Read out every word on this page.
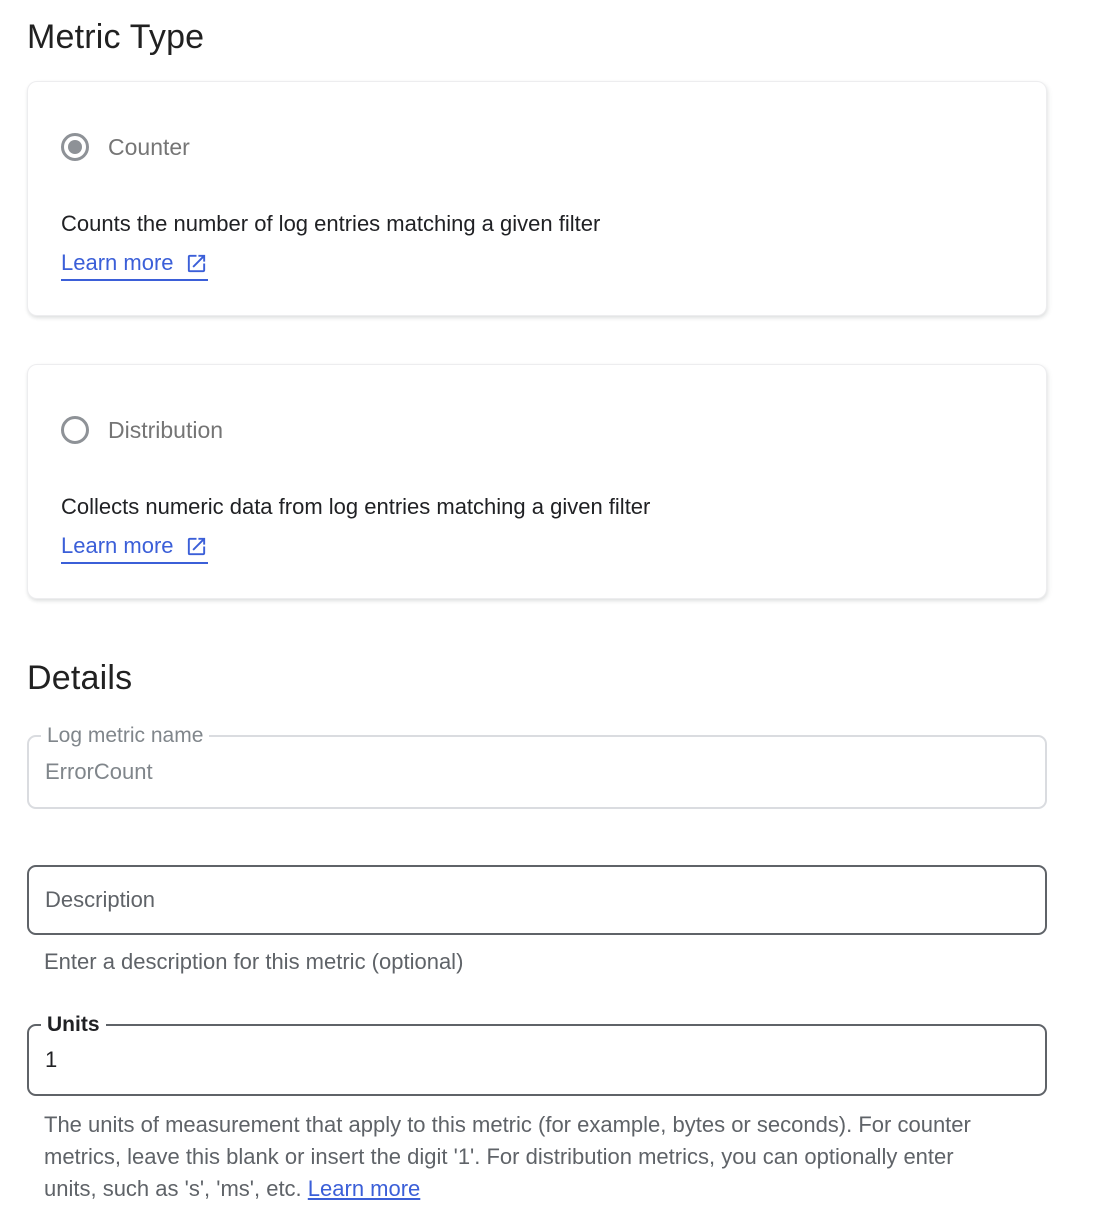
Metric Type
Counter
Counts the number of log entries matching a given filter
Learn more
Distribution
Collects numeric data from log entries matching a given filter
Learn more
Details
Log metric name
ErrorCount
Description
Enter a description for this metric (optional)
Units
1
The units of measurement that apply to this metric (for example, bytes or seconds). For counter metrics, leave this blank or insert the digit '1'. For distribution metrics, you can optionally enter units, such as 's', 'ms', etc. Learn more
